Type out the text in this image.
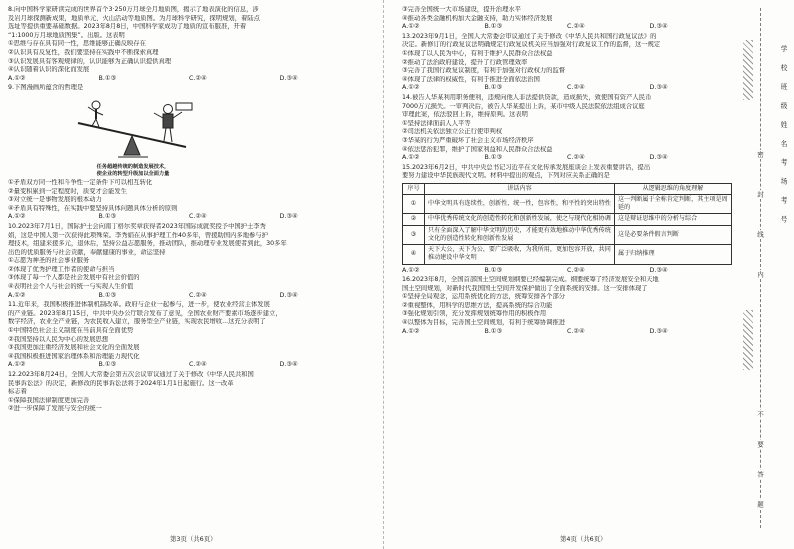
8.向中国科学家研读完成的世界首个3·250万月球全月地质图，揭示了地表演化的信息，涉
及岩月球探测新成果，地质单元、火山活动等地质图。为月球科学研究，探明规划，着陆点
选址等提供重要基础数据。2023年8月8日，中国科学家成功了地质的宣布服准，开着
“1:1000万月球地质图集”。出版。这表明
①思维与存在具有同一性，思维能够正确反映存在
②认识具有反复性，我们要坚持在实践中不断探索真理
③认识发展具有客观规律的，认识能够为正确认识提供真理
④认识随着认识的深化而发展
A.①②	B.①③	C.②④	D.③④
9.下图漫画所蕴含的哲理是
任务超越传统的制造发展技术，
使企业的转型升级加以全面力量
①矛盾双方同一性和斗争性一定条件下可以相互转化
②量变积累到一定程度时，质变才会能发生
③对立统一是事物发展的根本动力
④矛盾具有特殊性，在实践中要坚持具体问题具体分析的原则
A.①②	B.①③	C.②④	D.③④
10.2023年7月1日，国际护士会向南丁格尔奖章获得者2023年国际成就奖授予中国护士李秀
娟，这是中国人第一次获得此项殊荣。李秀娟在从事护理工作40多年，曾援助国内多地参与护
理技术，组建来援多元，退休后，坚持公益志愿服务，推动团队，推动理专业发展使者到此，30多年
出色的优质服务与社会贡献，奉献健康的事业，命运坚持
①志愿为神圣的社会事业服务
②体现了优秀护理工作者的使命与担当
③体现了每一个人都是社会发展中有社会价值的
④表明社会个人与社会的统一与实现人生价值
A.①②	B.①③	C.②④	D.③④
11.近年来，我国积极推进体制机制改革。政府与企业一起参与，进一步，使农业经营主体发展
的产业链。2023年8月15日，中共中央办公厅联合发布了意见，全国农业财产要素市场逐步建立，
数字经济，农业全产业链，为农民收入建立，服务型全产业链，实现农民增收...这充分表明了
①中国特色社会主义制度在当前具有全面优势
②我国坚持以人民为中心的发展思想
③我国更加注重经济发展和社会文化的全面发展
④我国积极推进国家治理体系和治理能力现代化
A.①②	B.①③	C.②④	D.③④
12.2023年8月24日，全国人大常委会第五次会议审议通过了关于修改《中华人民共和国
民事诉讼法》的决定，新修改的民事诉讼法将于2024年1月1日起施行。这一改革
标志着
①保障我国法律制度更加完善
②进一步保障了发展与安全的统一
③完善全国统一大市场建设，提升治理水平
④推动各类金融机构加大金融支持，助力实体经济发展
A.①②	B.①③	C.②④	D.③④
13.2023年9月1日，全国人大常委会审议通过了关于修改《中华人民共和国行政复议法》的
决定。新修订的行政复议法明确规定行政复议机关应当加强对行政复议工作的监督，这一规定
①体现了以人民为中心，有利于维护人民群众合法权益
②推动了法治政府建设，提升了行政管理效率
③完善了我国行政复议制度，有利于加强对行政权力的监督
④体现了法律的权威性，有利于推进全面依法治国
A.①②	B.①③	C.②④	D.③④
14.被告人华某利用职务便利，违规向他人非法提供贷款，造成损失，致使国有资产人民币
7000万元损失。一审判决后，被告人华某提出上诉，某市中级人民法院依法组成合议庭
审理此案，依法驳回上诉，维持原判。这表明
①坚持法律面前人人平等
②司法机关依法独立公正行使审判权
③华某的行为严重破坏了社会主义市场经济秩序
④依法惩治犯罪，维护了国家利益和人民群众合法权益
A.①②	B.①③	C.②④	D.③④
15.2023年6月2日，中共中央总书记习近平在文化传承发展座谈会上发表重要讲话，提出
要努力建设中华民族现代文明。材料中提出的观点，下列对应关系正确的是
序号	讲话内容	从逻辑思维的角度理解
①	中华文明具有连续性，创新性，统一性，包容性，和平性的突出特性	这一判断属于全称肯定判断，其主项是周延的
②	中华优秀传统文化的创造性转化和创新性发展，使之与现代化相协调	这是辩证思维中的分析与综合
③	只有全面深入了解中华文明的历史，才能更有效地推动中华优秀传统文化的创造性转化和创新性发展	这是必要条件假言判断
④	天下大公，天下为公，要广泛吸收，为我所用，更加包容开放，共同推动建设中华文明	属于归纳推理
A.①②	B.①③	C.②④	D.③④
16.2023年8月，全国首部国土空间规划纲要已经编制完成。纲要统筹了经济发展安全和天地
国土空间规划，对新时代我国国土空间开发保护做出了全面系统的安排。这一安排体现了
①坚持全局观念，运用系统优化的方法，统筹安排各个部分
②重视整体，用科学的思维方法，提高系统的综合功能
③强化规划引领，充分发挥规划统筹作用的积极作用
④以整体为目标，完善国土空间规划，有利于统筹协调推进
A.①②	B.①③	C.②④	D.③④
第3页（共6页）	第4页（共6页）
密
封
线
内
不
要
答
题
学 校 班 级 姓 名 考 场 考 号
